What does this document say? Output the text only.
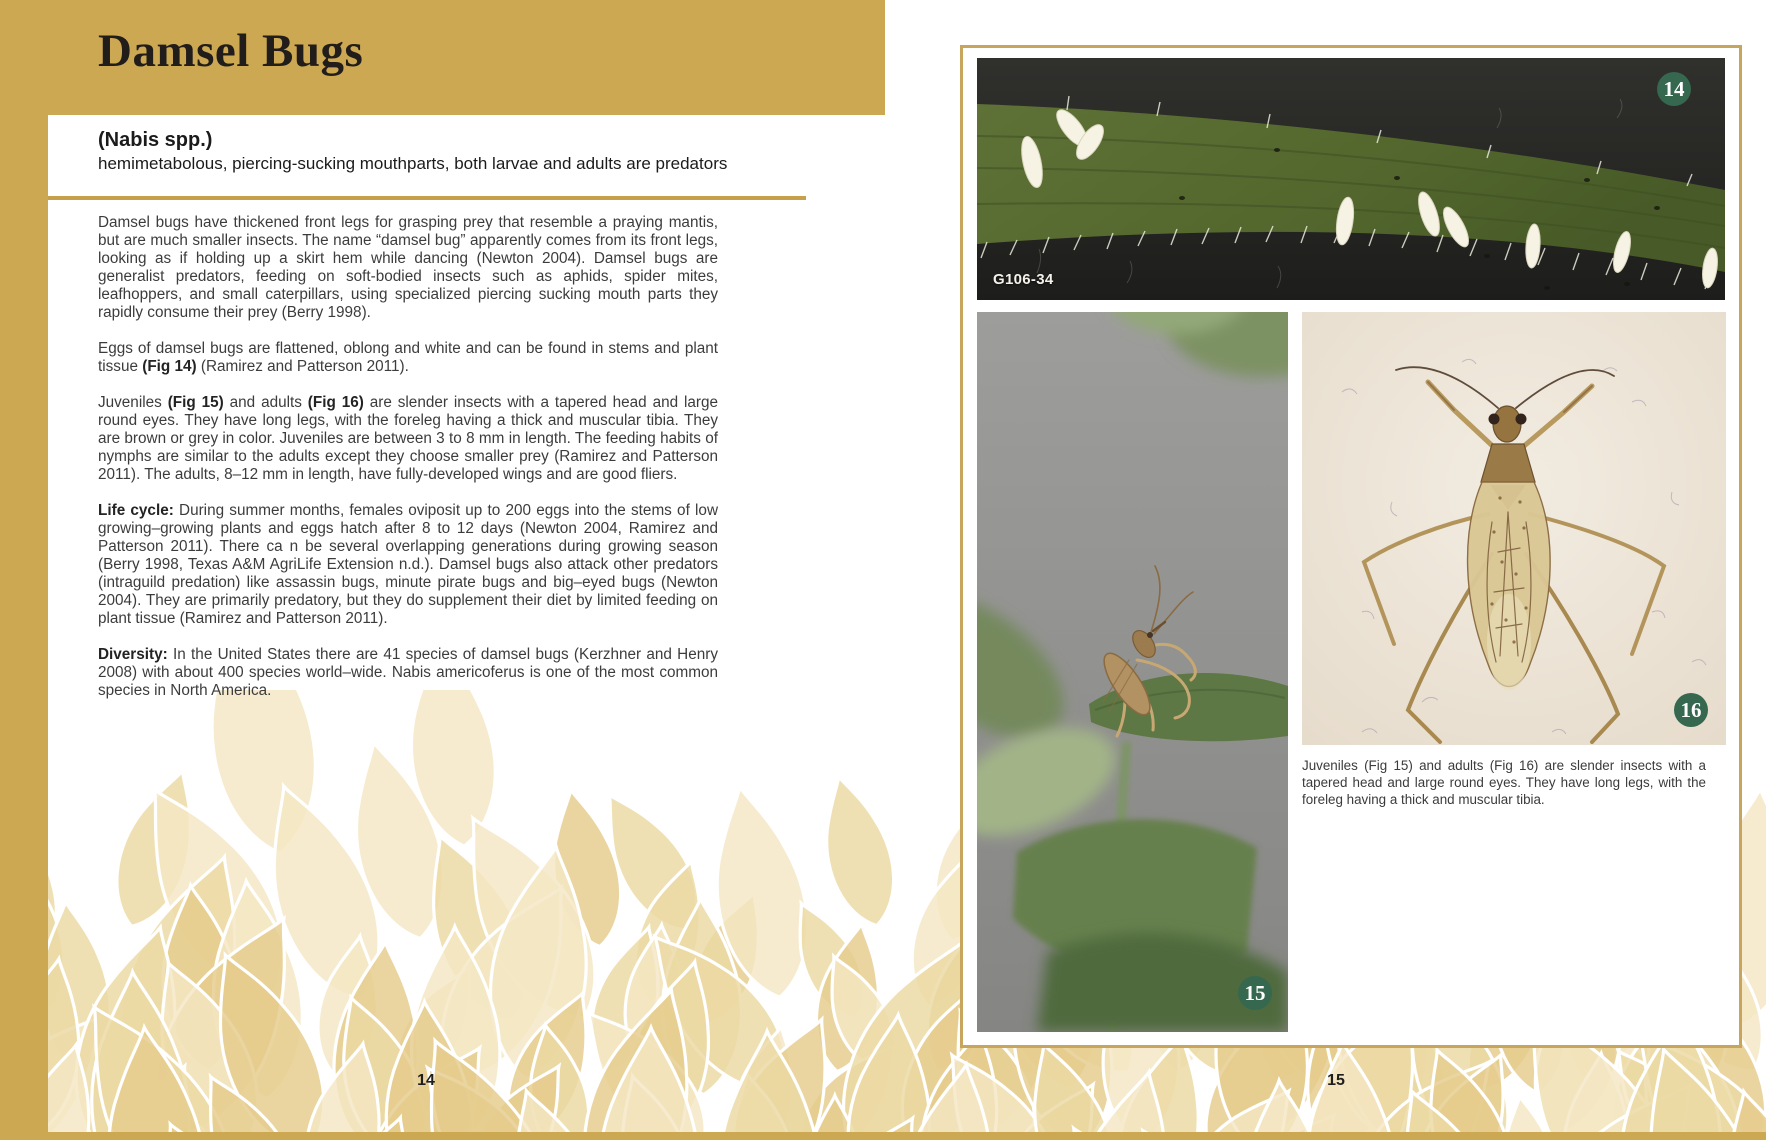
Damsel Bugs
(Nabis spp.)
hemimetabolous, piercing-sucking mouthparts, both larvae and adults are predators

Damsel bugs have thickened front legs for grasping prey that resemble a praying mantis, but are much smaller insects. The name “damsel bug” apparently comes from its front legs, looking as if holding up a skirt hem while dancing (Newton 2004). Damsel bugs are generalist predators, feeding on soft-bodied insects such as aphids, spider mites, leafhoppers, and small caterpillars, using specialized piercing sucking mouth parts they rapidly consume their prey (Berry 1998).

Eggs of damsel bugs are flattened, oblong and white and can be found in stems and plant tissue (Fig 14) (Ramirez and Patterson 2011).

Juveniles (Fig 15) and adults (Fig 16) are slender insects with a tapered head and large round eyes. They have long legs, with the foreleg having a thick and muscular tibia. They are brown or grey in color. Juveniles are between 3 to 8 mm in length. The feeding habits of nymphs are similar to the adults except they choose smaller prey (Ramirez and Patterson 2011). The adults, 8–12 mm in length, have fully-developed wings and are good fliers.

Life cycle: During summer months, females oviposit up to 200 eggs into the stems of low growing–growing plants and eggs hatch after 8 to 12 days (Newton 2004, Ramirez and Patterson 2011). There ca n be several overlapping generations during growing season (Berry 1998, Texas A&M AgriLife Extension n.d.). Damsel bugs also attack other predators (intraguild predation) like assassin bugs, minute pirate bugs and big–eyed bugs (Newton 2004). They are primarily predatory, but they do supplement their diet by limited feeding on plant tissue (Ramirez and Patterson 2011).

Diversity: In the United States there are 41 species of damsel bugs (Kerzhner and Henry 2008) with about 400 species world–wide. Nabis americoferus is one of the most common species in North America.

14	15
G106-34
14
15
16

Juveniles (Fig 15) and adults (Fig 16) are slender insects with a tapered head and large round eyes. They have long legs, with the foreleg having a thick and muscular tibia.
